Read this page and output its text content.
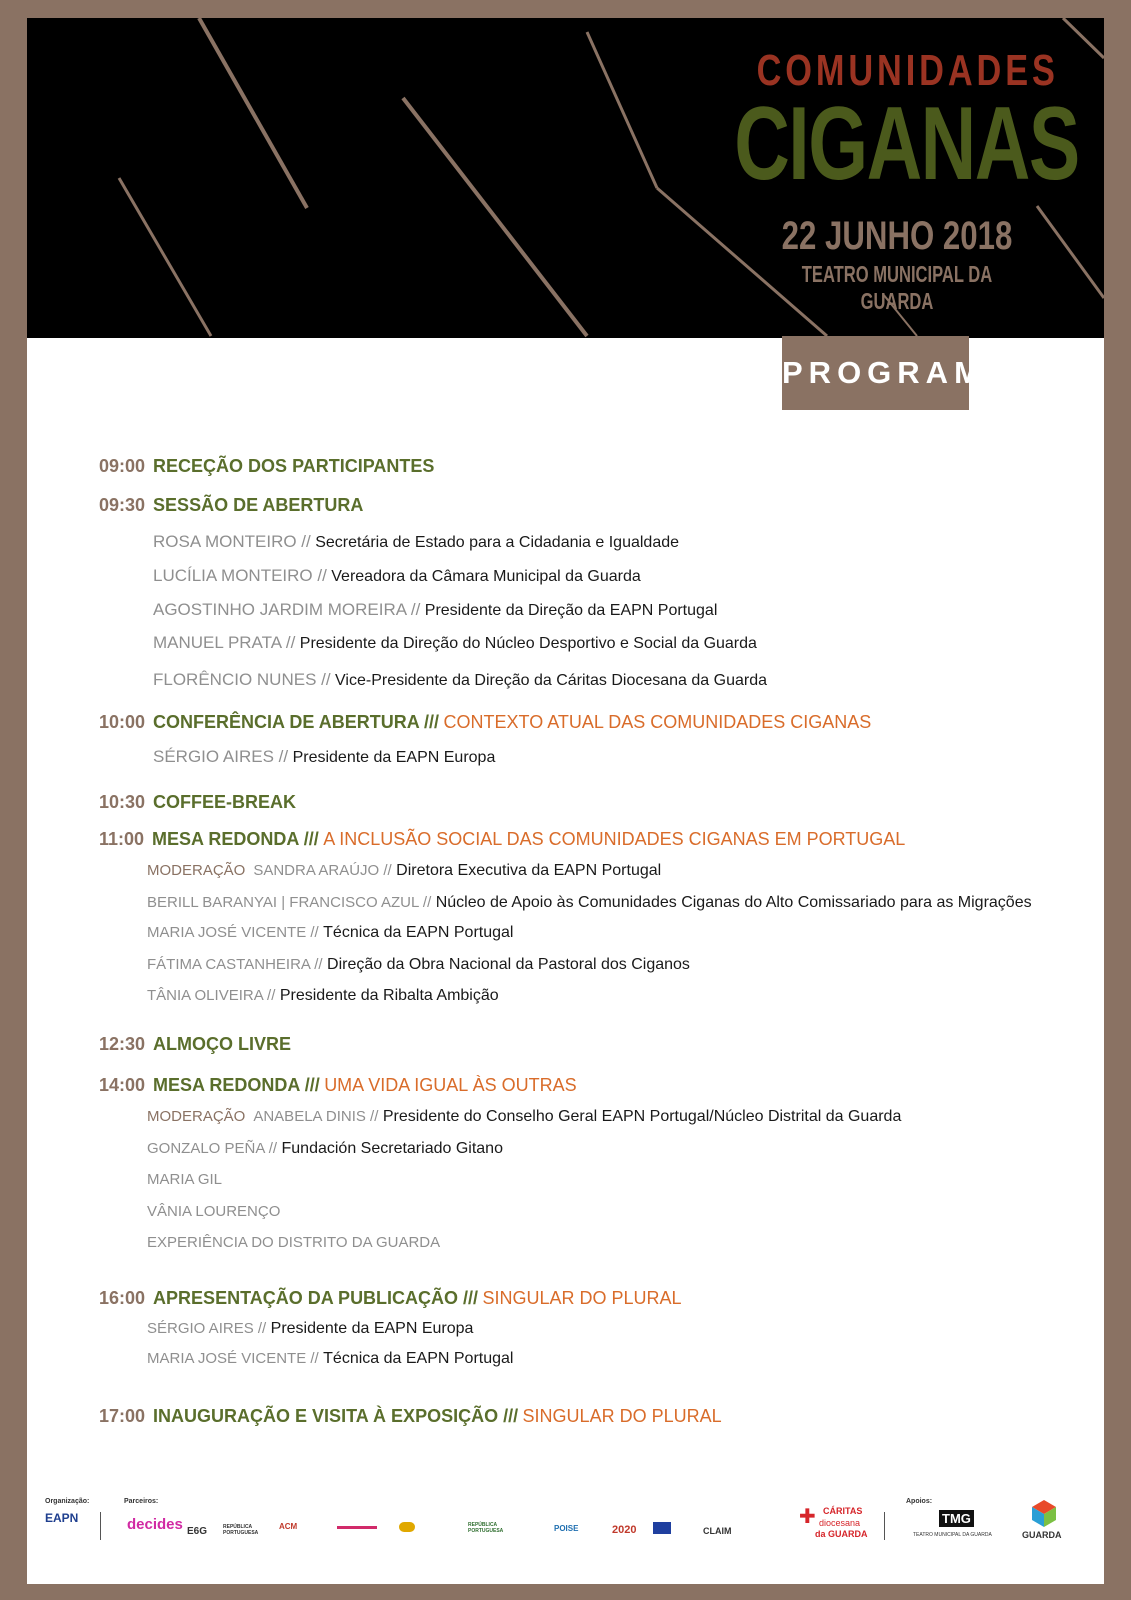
COMUNIDADES
CIGANAS
22 JUNHO 2018
TEATRO MUNICIPAL DA GUARDA
PROGRAMA
09:00 RECEÇÃO DOS PARTICIPANTES
09:30 SESSÃO DE ABERTURA
ROSA MONTEIRO // Secretária de Estado para a Cidadania e Igualdade
LUCÍLIA MONTEIRO // Vereadora da Câmara Municipal da Guarda
AGOSTINHO JARDIM MOREIRA // Presidente da Direção da EAPN Portugal
MANUEL PRATA // Presidente da Direção do Núcleo Desportivo e Social da Guarda
FLORÊNCIO NUNES // Vice-Presidente da Direção da Cáritas Diocesana da Guarda
10:00 CONFERÊNCIA DE ABERTURA /// CONTEXTO ATUAL DAS COMUNIDADES CIGANAS
SÉRGIO AIRES // Presidente da EAPN Europa
10:30 COFFEE-BREAK
11:00 MESA REDONDA /// A INCLUSÃO SOCIAL DAS COMUNIDADES CIGANAS EM PORTUGAL
MODERAÇÃO SANDRA ARAÚJO // Diretora Executiva da EAPN Portugal
BERILL BARANYAI | FRANCISCO AZUL // Núcleo de Apoio às Comunidades Ciganas do Alto Comissariado para as Migrações
MARIA JOSÉ VICENTE // Técnica da EAPN Portugal
FÁTIMA CASTANHEIRA // Direção da Obra Nacional da Pastoral dos Ciganos
TÂNIA OLIVEIRA // Presidente da Ribalta Ambição
12:30 ALMOÇO LIVRE
14:00 MESA REDONDA /// UMA VIDA IGUAL ÀS OUTRAS
MODERAÇÃO ANABELA DINIS // Presidente do Conselho Geral EAPN Portugal/Núcleo Distrital da Guarda
GONZALO PEÑA // Fundación Secretariado Gitano
MARIA GIL
VÂNIA LOURENÇO
EXPERIÊNCIA DO DISTRITO DA GUARDA
16:00 APRESENTAÇÃO DA PUBLICAÇÃO /// SINGULAR DO PLURAL
SÉRGIO AIRES // Presidente da EAPN Europa
MARIA JOSÉ VICENTE // Técnica da EAPN Portugal
17:00 INAUGURAÇÃO E VISITA À EXPOSIÇÃO /// SINGULAR DO PLURAL
Organização:	Parceiros:	Apoios:
EAPN	decides E6G	REPÚBLICA PORTUGUESA
ACM	REPÚBLICA PORTUGUESA	POISE	2020	CLAIM
✚ CÁRITAS
diocesana
da GUARDA
TMG
TEATRO MUNICIPAL DA GUARDA	GUARDA
